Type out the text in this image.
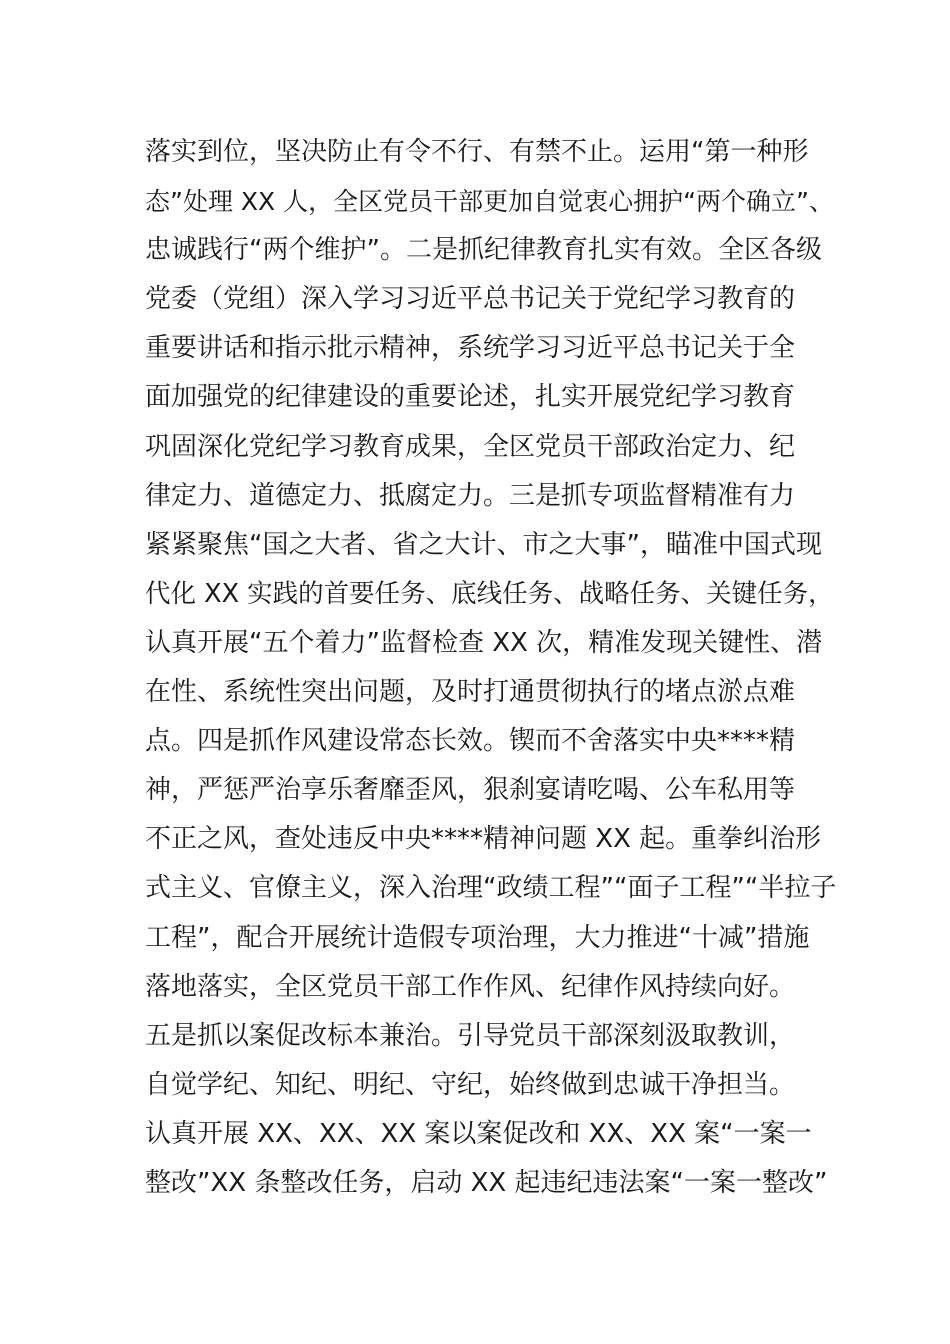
落实到位，坚决防止有令不行、有禁不止。运用“第一种形
态”处理 XX 人，全区党员干部更加自觉衷心拥护“两个确立”、
忠诚践行“两个维护”。二是抓纪律教育扎实有效。全区各级
党委（党组）深入学习习近平总书记关于党纪学习教育的
重要讲话和指示批示精神，系统学习习近平总书记关于全
面加强党的纪律建设的重要论述，扎实开展党纪学习教育
巩固深化党纪学习教育成果，全区党员干部政治定力、纪
律定力、道德定力、抵腐定力。三是抓专项监督精准有力
紧紧聚焦“国之大者、省之大计、市之大事”，瞄准中国式现
代化 XX 实践的首要任务、底线任务、战略任务、关键任务，
认真开展“五个着力”监督检查 XX 次，精准发现关键性、潜
在性、系统性突出问题，及时打通贯彻执行的堵点淤点难
点。四是抓作风建设常态长效。锲而不舍落实中央****精
神，严惩严治享乐奢靡歪风，狠刹宴请吃喝、公车私用等
不正之风，查处违反中央****精神问题 XX 起。重拳纠治形
式主义、官僚主义，深入治理“政绩工程”“面子工程”“半拉子
工程”，配合开展统计造假专项治理，大力推进“十减”措施
落地落实，全区党员干部工作作风、纪律作风持续向好。
五是抓以案促改标本兼治。引导党员干部深刻汲取教训，
自觉学纪、知纪、明纪、守纪，始终做到忠诚干净担当。
认真开展 XX、XX、XX 案以案促改和 XX、XX 案“一案一
整改”XX 条整改任务，启动 XX 起违纪违法案“一案一整改”
